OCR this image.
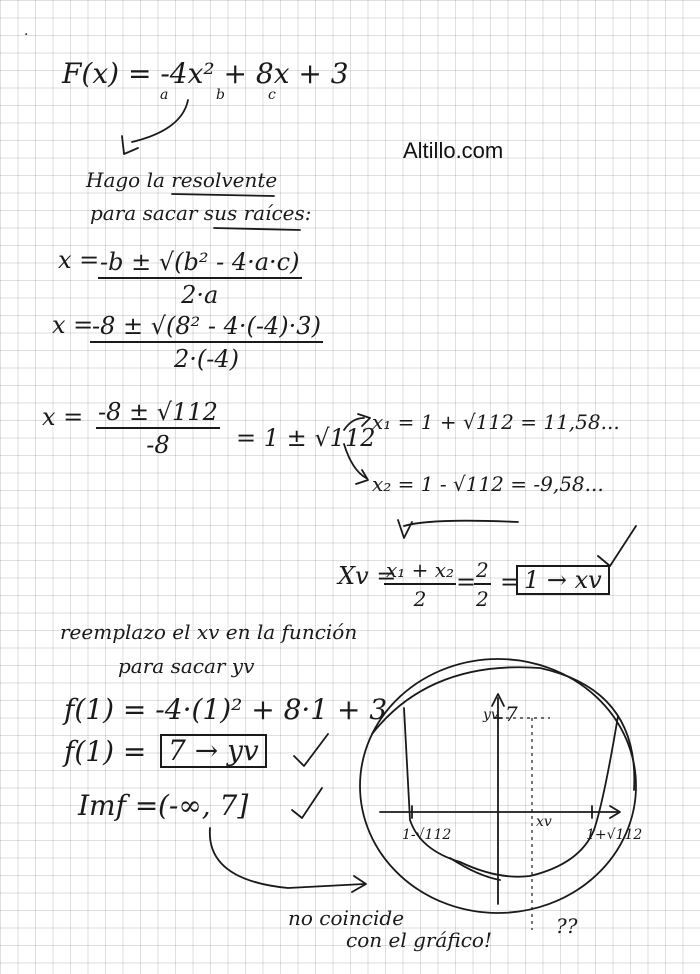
·
F(x) = -4x² + 8x + 3
a	b	c
Altillo.com
Hago la resolvente
para sacar sus raíces:
x =
$\frac{\text{-b ± √(b² - 4·a·c)}}{2\cdot a}$
x =
$\frac{\text{-8 ± √(8² - 4·(-4)·3)}}{2\cdot(-4)}$
$x = \frac{-8 \pm √112}{-8} = 1 \pm √112$
x₁ = 1 + √112 = 11,58...
x₂ = 1 - √112 = -9,58...
Xv =
$\frac{\text{x₁ + x₂}}{2}$ =
$\frac{2}{2} = 1$ → xv
reemplazo el xv en la función
para sacar yv
f(1) = -4·(1)² + 8·1 + 3
f(1) = 7 → yv
Imf = (-∞, 7]
yv 7
xv
1-√112	1+√112
no coincide
con el gráfico!
??
